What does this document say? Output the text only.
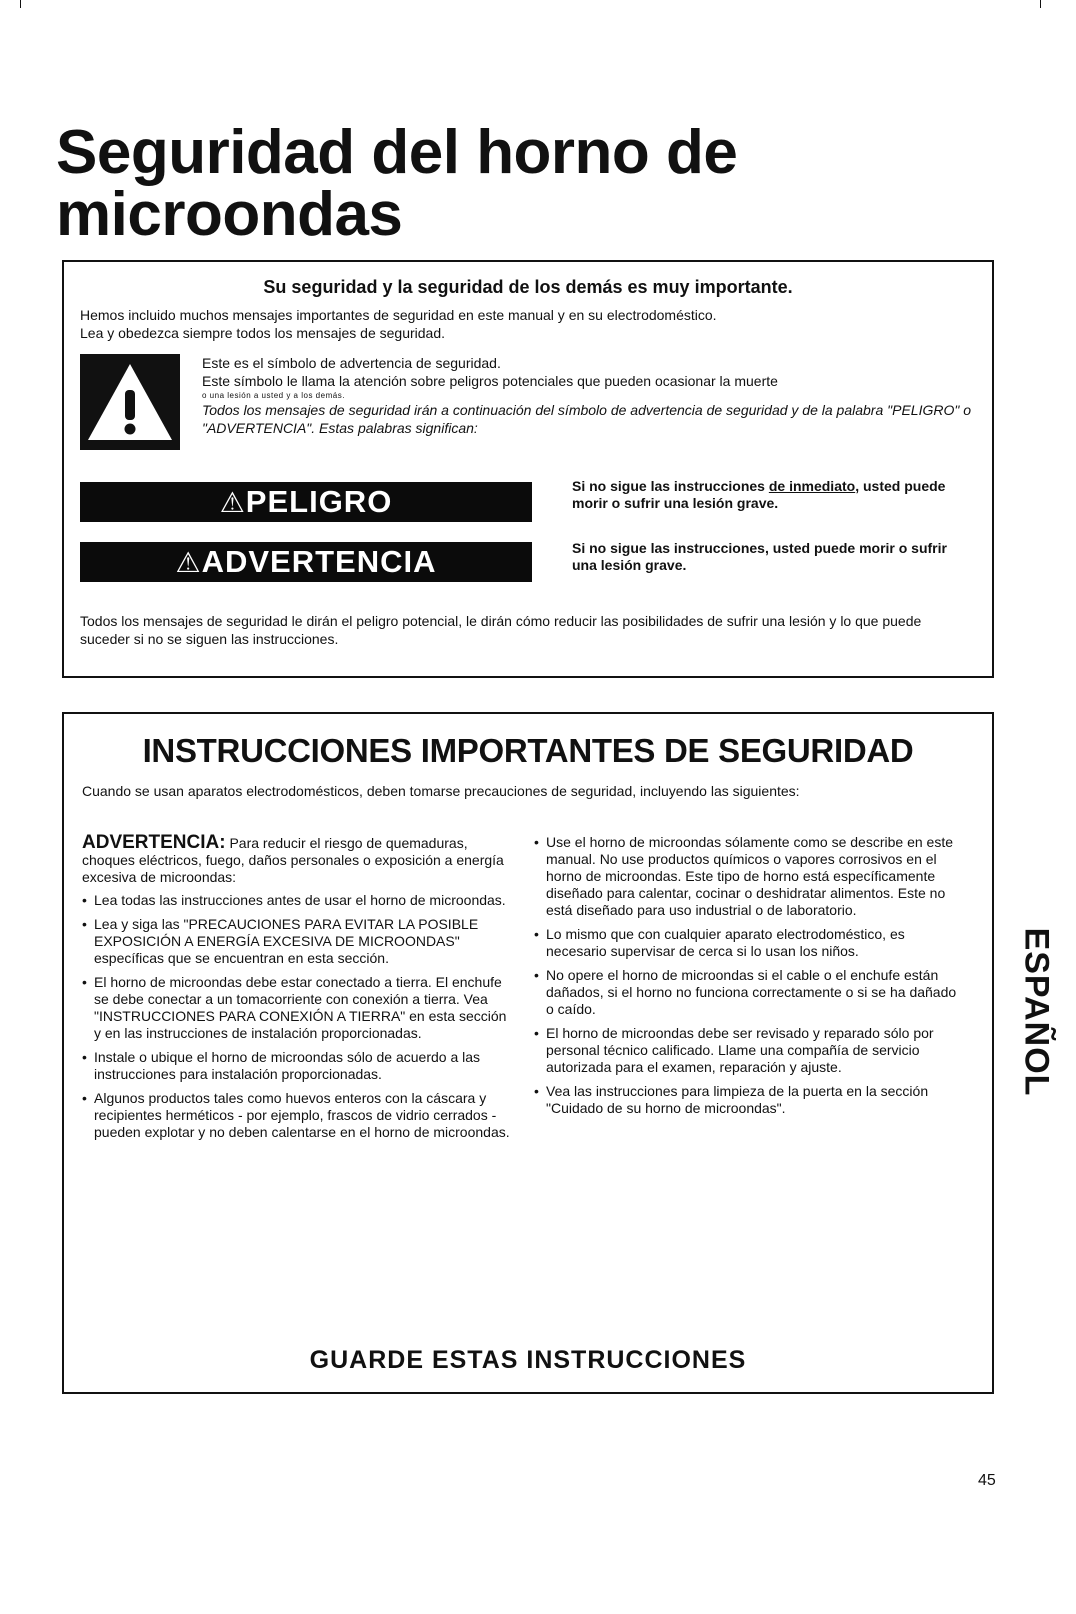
Seguridad del horno de microondas
Su seguridad y la seguridad de los demás es muy importante.

Hemos incluido muchos mensajes importantes de seguridad en este manual y en su electrodoméstico.
Lea y obedezca siempre todos los mensajes de seguridad.

Este es el símbolo de advertencia de seguridad.

Este símbolo le llama la atención sobre peligros potenciales que pueden ocasionar la muerte

o una lesión a usted y a los demás.

Todos los mensajes de seguridad irán a continuación del símbolo de advertencia de seguridad y de la palabra "PELIGRO" o "ADVERTENCIA". Estas palabras significan:

⚠PELIGRO	Si no sigue las instrucciones de inmediato, usted puede morir o sufrir una lesión grave.
⚠ADVERTENCIA	Si no sigue las instrucciones, usted puede morir o sufrir una lesión grave.

Todos los mensajes de seguridad le dirán el peligro potencial, le dirán cómo reducir las posibilidades de sufrir una lesión y lo que puede suceder si no se siguen las instrucciones.

INSTRUCCIONES IMPORTANTES DE SEGURIDAD

Cuando se usan aparatos electrodomésticos, deben tomarse precauciones de seguridad, incluyendo las siguientes:

ADVERTENCIA: Para reducir el riesgo de quemaduras, choques eléctricos, fuego, daños personales o exposición a energía excesiva de microondas:

• Lea todas las instrucciones antes de usar el horno de microondas.
• Lea y siga las "PRECAUCIONES PARA EVITAR LA POSIBLE EXPOSICIÓN A ENERGÍA EXCESIVA DE MICROONDAS" específicas que se encuentran en esta sección.
• El horno de microondas debe estar conectado a tierra. El enchufe se debe conectar a un tomacorriente con conexión a tierra. Vea "INSTRUCCIONES PARA CONEXIÓN A TIERRA" en esta sección y en las instrucciones de instalación proporcionadas.
• Instale o ubique el horno de microondas sólo de acuerdo a las instrucciones para instalación proporcionadas.
• Algunos productos tales como huevos enteros con la cáscara y recipientes herméticos - por ejemplo, frascos de vidrio cerrados - pueden explotar y no deben calentarse en el horno de microondas.
• Use el horno de microondas sólamente como se describe en este manual. No use productos químicos o vapores corrosivos en el horno de microondas. Este tipo de horno está específicamente diseñado para calentar, cocinar o deshidratar alimentos. Este no está diseñado para uso industrial o de laboratorio.
• Lo mismo que con cualquier aparato electrodoméstico, es necesario supervisar de cerca si lo usan los niños.
• No opere el horno de microondas si el cable o el enchufe están dañados, si el horno no funciona correctamente o si se ha dañado o caído.
• El horno de microondas debe ser revisado y reparado sólo por personal técnico calificado. Llame una compañía de servicio autorizada para el examen, reparación y ajuste.
• Vea las instrucciones para limpieza de la puerta en la sección "Cuidado de su horno de microondas".
GUARDE ESTAS INSTRUCCIONES
ESPAÑOL
45
